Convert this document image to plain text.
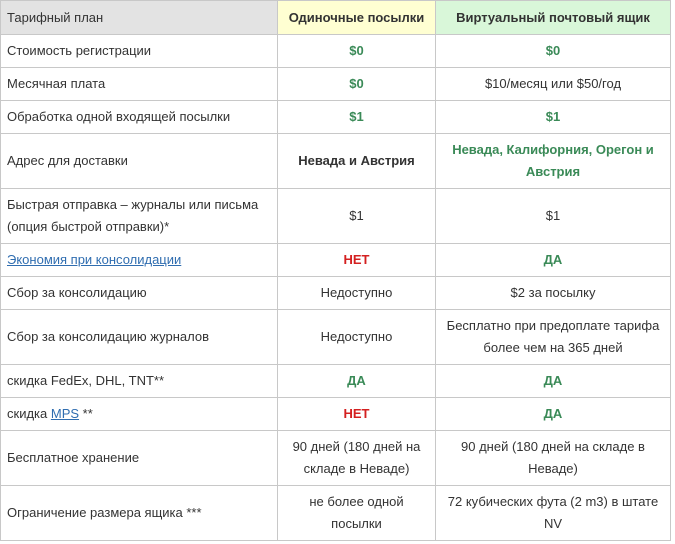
Тарифный план	Одиночные посылки	Виртуальный почтовый ящик
Стоимость регистрации	$0	$0
Месячная плата	$0	$10/месяц или $50/год
Обработка одной входящей посылки	$1	$1
Адрес для доставки	Невада и Австрия	Невада, Калифорния, Орегон и Австрия
Быстрая отправка – журналы или письма (опция быстрой отправки)*	$1	$1
Экономия при консолидации	НЕТ	ДА
Сбор за консолидацию	Недоступно	$2 за посылку
Сбор за консолидацию журналов	Недоступно	Бесплатно при предоплате тарифа более чем на 365 дней
скидка FedEx, DHL, TNT**	ДА	ДА
скидка MPS **	НЕТ	ДА
Бесплатное хранение	90 дней (180 дней на складе в Неваде)	90 дней (180 дней на складе в Неваде)
Ограничение размера ящика ***	не более одной посылки	72 кубических фута (2 m3) в штате NV
